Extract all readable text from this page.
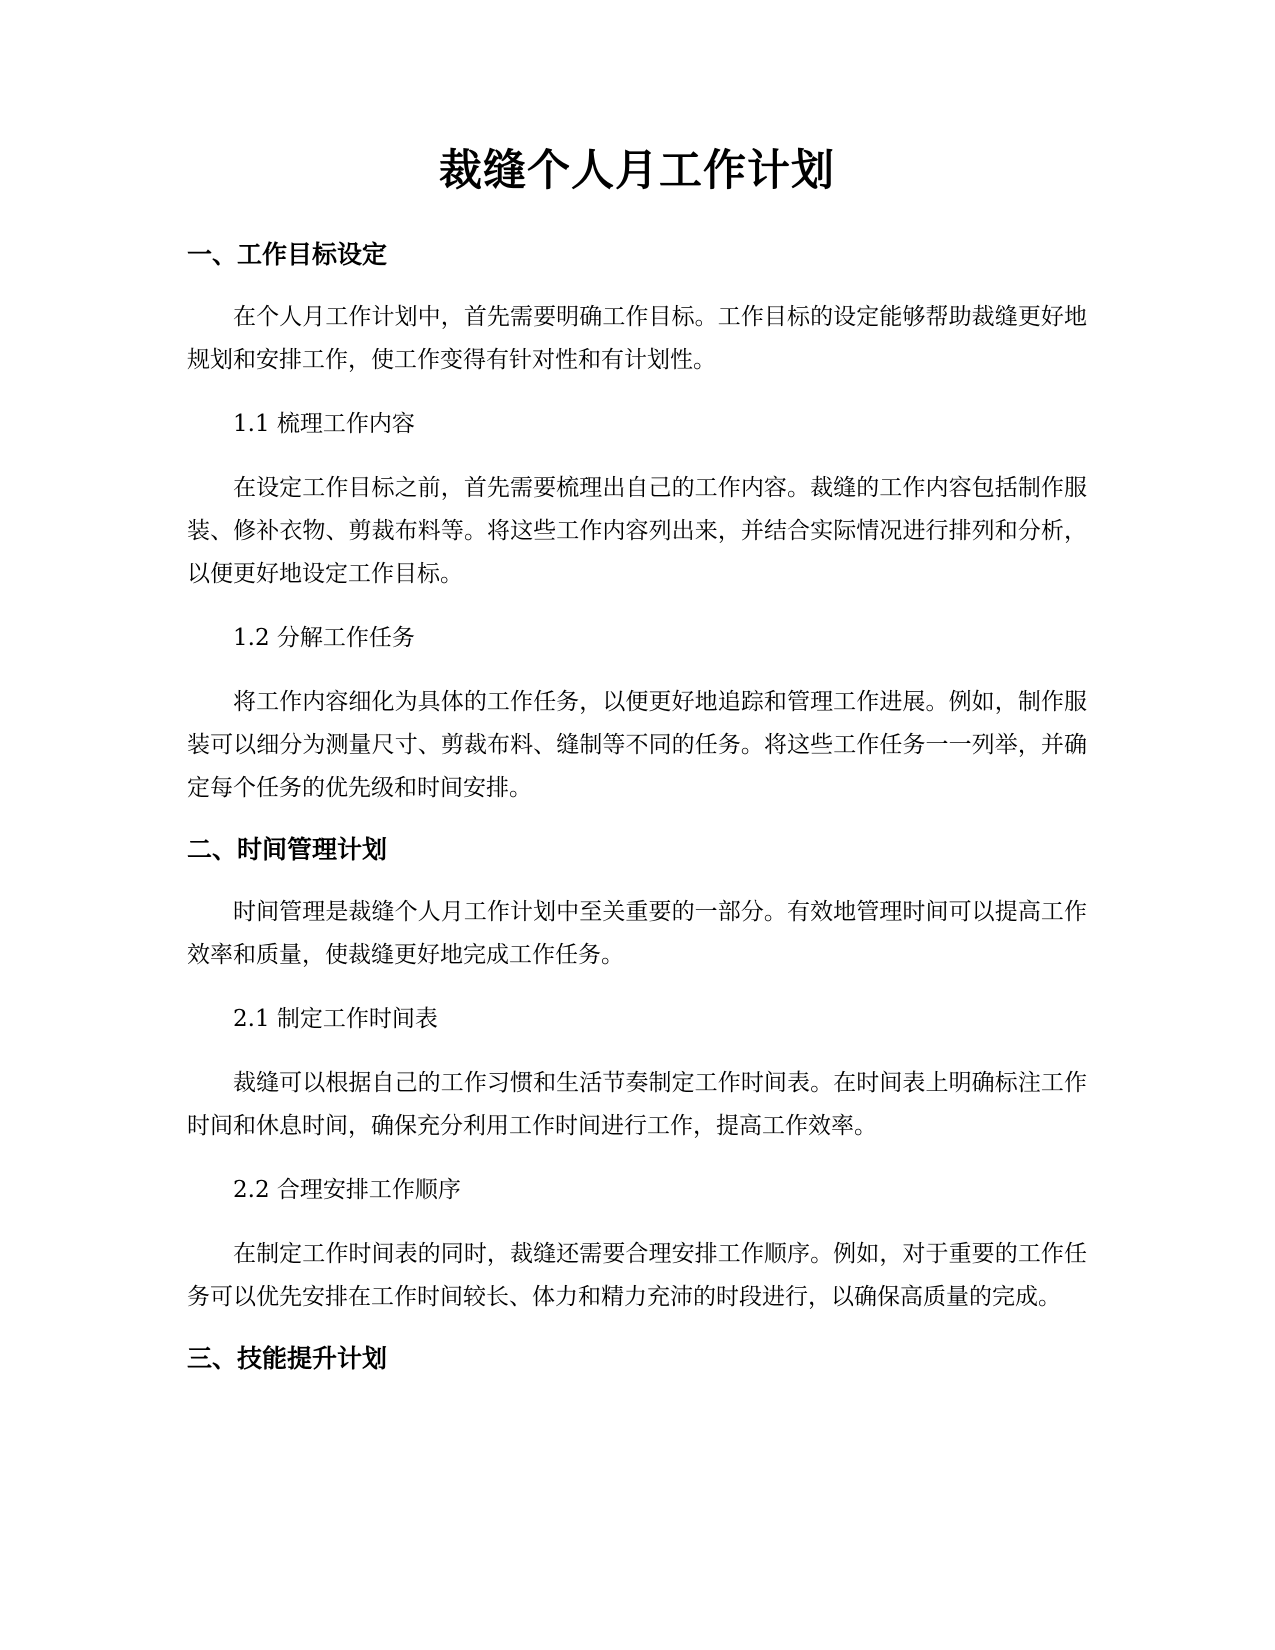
裁缝个人月工作计划
一、工作目标设定

在个人月工作计划中，首先需要明确工作目标。工作目标的设定能够帮助裁缝更好地规划和安排工作，使工作变得有针对性和有计划性。

1.1 梳理工作内容

在设定工作目标之前，首先需要梳理出自己的工作内容。裁缝的工作内容包括制作服装、修补衣物、剪裁布料等。将这些工作内容列出来，并结合实际情况进行排列和分析，以便更好地设定工作目标。

1.2 分解工作任务

将工作内容细化为具体的工作任务，以便更好地追踪和管理工作进展。例如，制作服装可以细分为测量尺寸、剪裁布料、缝制等不同的任务。将这些工作任务一一列举，并确定每个任务的优先级和时间安排。

二、时间管理计划

时间管理是裁缝个人月工作计划中至关重要的一部分。有效地管理时间可以提高工作效率和质量，使裁缝更好地完成工作任务。

2.1 制定工作时间表

裁缝可以根据自己的工作习惯和生活节奏制定工作时间表。在时间表上明确标注工作时间和休息时间，确保充分利用工作时间进行工作，提高工作效率。

2.2 合理安排工作顺序

在制定工作时间表的同时，裁缝还需要合理安排工作顺序。例如，对于重要的工作任务可以优先安排在工作时间较长、体力和精力充沛的时段进行，以确保高质量的完成。

三、技能提升计划
